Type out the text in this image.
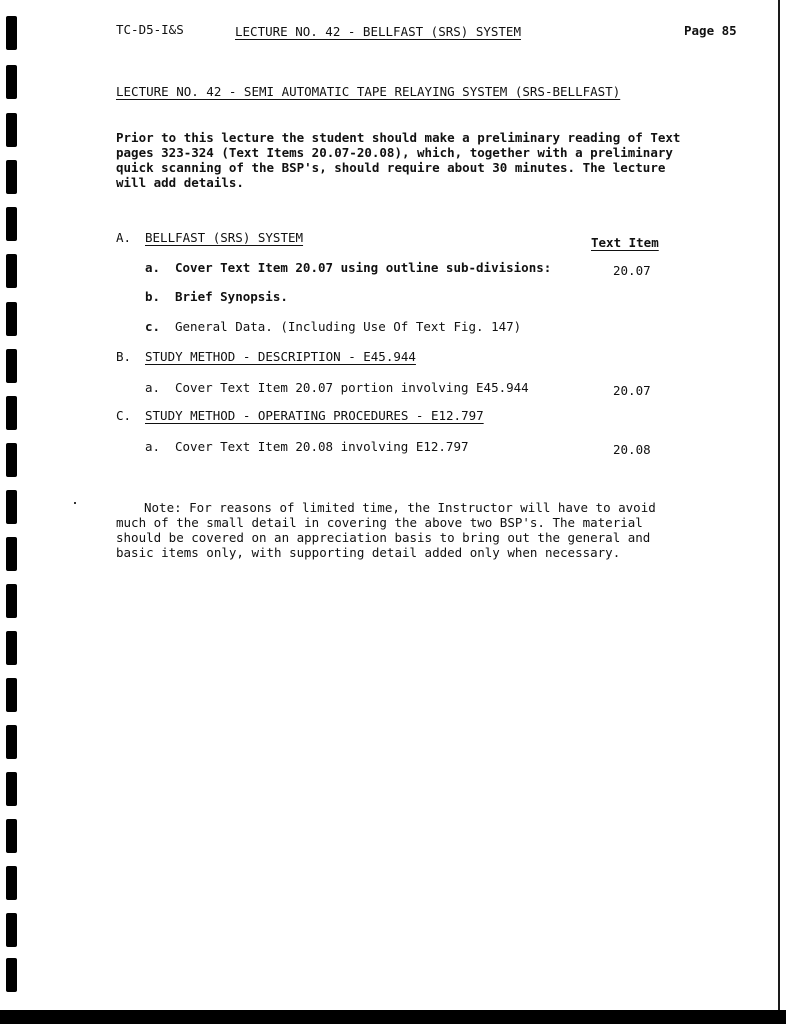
TC-D5-I&S	LECTURE NO. 42 - BELLFAST (SRS) SYSTEM	Page 85

LECTURE NO. 42 - SEMI AUTOMATIC TAPE RELAYING SYSTEM (SRS-BELLFAST)

Prior to this lecture the student should make a preliminary reading of Text
pages 323-324 (Text Items 20.07-20.08), which, together with a preliminary
quick scanning of the BSP's, should require about 30 minutes. The lecture
will add details.

A. BELLFAST (SRS) SYSTEM	Text Item

a. Cover Text Item 20.07 using outline sub-divisions:	20.07

b. Brief Synopsis.

c. General Data. (Including Use Of Text Fig. 147)

B. STUDY METHOD - DESCRIPTION - E45.944

a. Cover Text Item 20.07 portion involving E45.944	20.07

C. STUDY METHOD - OPERATING PROCEDURES - E12.797

a. Cover Text Item 20.08 involving E12.797	20.08

Note: For reasons of limited time, the Instructor will have to avoid
much of the small detail in covering the above two BSP's. The material
should be covered on an appreciation basis to bring out the general and
basic items only, with supporting detail added only when necessary.
